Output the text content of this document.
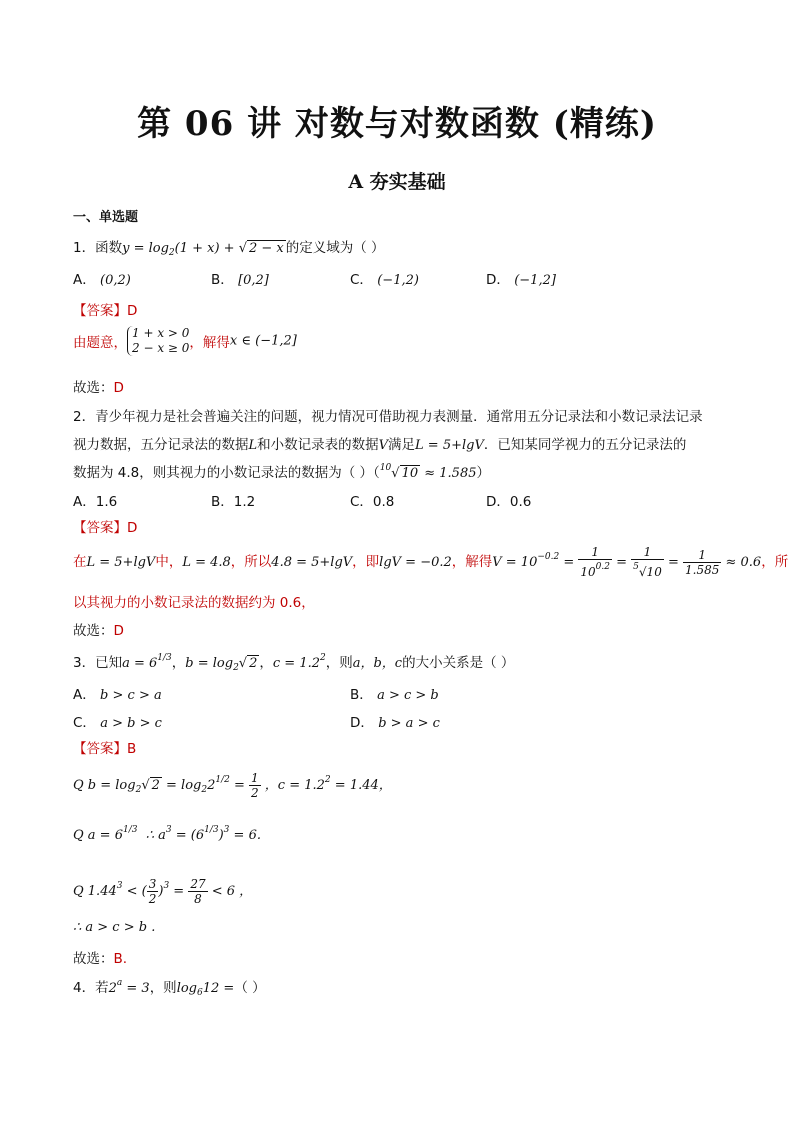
第 06 讲 对数与对数函数 (精练)
A 夯实基础
一、单选题
1．函数$y = \log_2(1 + x)$ + √ 2 − x 的定义域为（ ）
A． (0,2)	B． [0,2]	C． (−1,2)	D． (−1,2]
【答案】D
由题意，1 + x > 0
2 − x ≥ 0，解得x ∈ (−1,2]
故选：D
2．青少年视力是社会普遍关注的问题，视力情况可借助视力表测量．通常用五分记录法和小数记录法记录
视力数据，五分记录法的数据L和小数记录表的数据V满足L = 5+lgV．已知某同学视力的五分记录法的
数据为 4.8，则其视力的小数记录法的数据为（ ）（$^{10}$√ 10 ≈ 1.585）
A．1.6	B．1.2	C．0.8	D．0.6
【答案】D
在L = 5+lgV中，L = 4.8，所以4.8 = 5+lgV，即lgV = −0.2，解得$V = 10^{-0.2} = \frac{1}{10^{0.2}} = \frac{1}{^5√10} = \frac{1}{1.585} \approx 0.6$，所
以其视力的小数记录法的数据约为 0.6，
故选：D
3．已知$a = 6^{1/3}$，$b = \log_2√$ 2 ，$c = 1.2^2$，则a，b，c的大小关系是（ ）
A． b > c > a	B． a > c > b
C． a > b > c	D． b > a > c
【答案】B
Q $b = \log_2√$ $2 = \log_22^{1/2} = \frac{1}{2}$ ，$c = 1.2^2 = 1.44$，
Q $a = 6^{1/3}$  ∴ $a^3 = (6^{1/3})^3 = 6$.
Q $1.44^3$ < ( $\frac{3}{2} )^3 = \frac{27}{8} < 6$ ，
∴ a > c > b .
故选：B.
4．若$2^a = 3$，则$\log_612$ =（ ）
